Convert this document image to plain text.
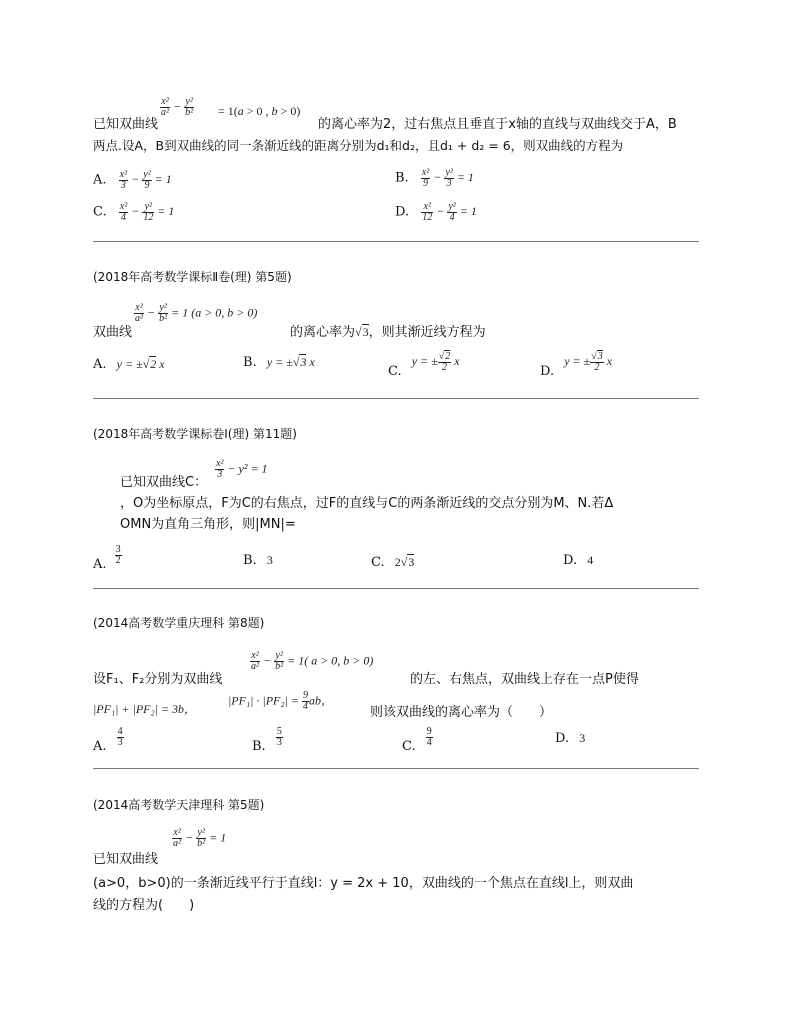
已知双曲线
$\frac{\text{x²}}{\text{a²}} - \frac{\text{y²}}{\text{b²}} = 1(a > 0$ , b > 0)
的离心率为2，过右焦点且垂直于x轴的直线与双曲线交于A，B
两点.设A，B到双曲线的同一条渐近线的距离分别为d₁和d₂，且d₁ + d₂ = 6，则双曲线的方程为
A. $\frac{\text{x²}}{3} - \frac{\text{y²}}{9} = 1$	B. $\frac{\text{x²}}{9} - \frac{\text{y²}}{3} = 1$
C. $\frac{\text{x²}}{4} - \frac{\text{y²}}{12} = 1$	D. $\frac{\text{x²}}{12} - \frac{\text{y²}}{4} = 1$
(2018年高考数学课标Ⅱ卷(理) 第5题)
双曲线
$\frac{\text{x²}}{\text{a²}} - \frac{\text{y²}}{\text{b²}} = 1$ (a > 0, b > 0)
的离心率为√3，则其渐近线方程为
A. y = ±√2 x	B. y = ±√3 x
C. y = ± $\frac{√2}{2}$ x
D. y = ± $\frac{√3}{2}$ x
(2018年高考数学课标卷Ⅰ(理) 第11题)
已知双曲线C：
$\frac{\text{x²}}{3} - y^2 = 1$
，O为坐标原点，F为C的右焦点，过F的直线与C的两条渐近线的交点分别为M、N.若Δ
OMN为直角三角形，则|MN|=
A. $\frac{3}{2}$	B. 3	C. 2√3	D. 4
(2014高考数学重庆理科 第8题)
设F₁、F₂分别为双曲线
$\frac{\text{x²}}{\text{a²}} - \frac{\text{y²}}{\text{b²}} = 1$( a > 0, b > 0)
的左、右焦点，双曲线上存在一点P使得
|PF₁| + |PF₂| = 3b，
$|PF_1| \cdot |PF_2| = \frac{9}{4}$ ab，
则该双曲线的离心率为（　　）
A. $\frac{4}{3}$	B. $\frac{5}{3}$	C. $\frac{9}{4}$	D. 3
(2014高考数学天津理科 第5题)
已知双曲线
$\frac{\text{x²}}{\text{a²}} - \frac{\text{y²}}{\text{b²}} = 1$
(a>0，b>0)的一条渐近线平行于直线l：y = 2x + 10，双曲线的一个焦点在直线l上，则双曲
线的方程为(　　)
